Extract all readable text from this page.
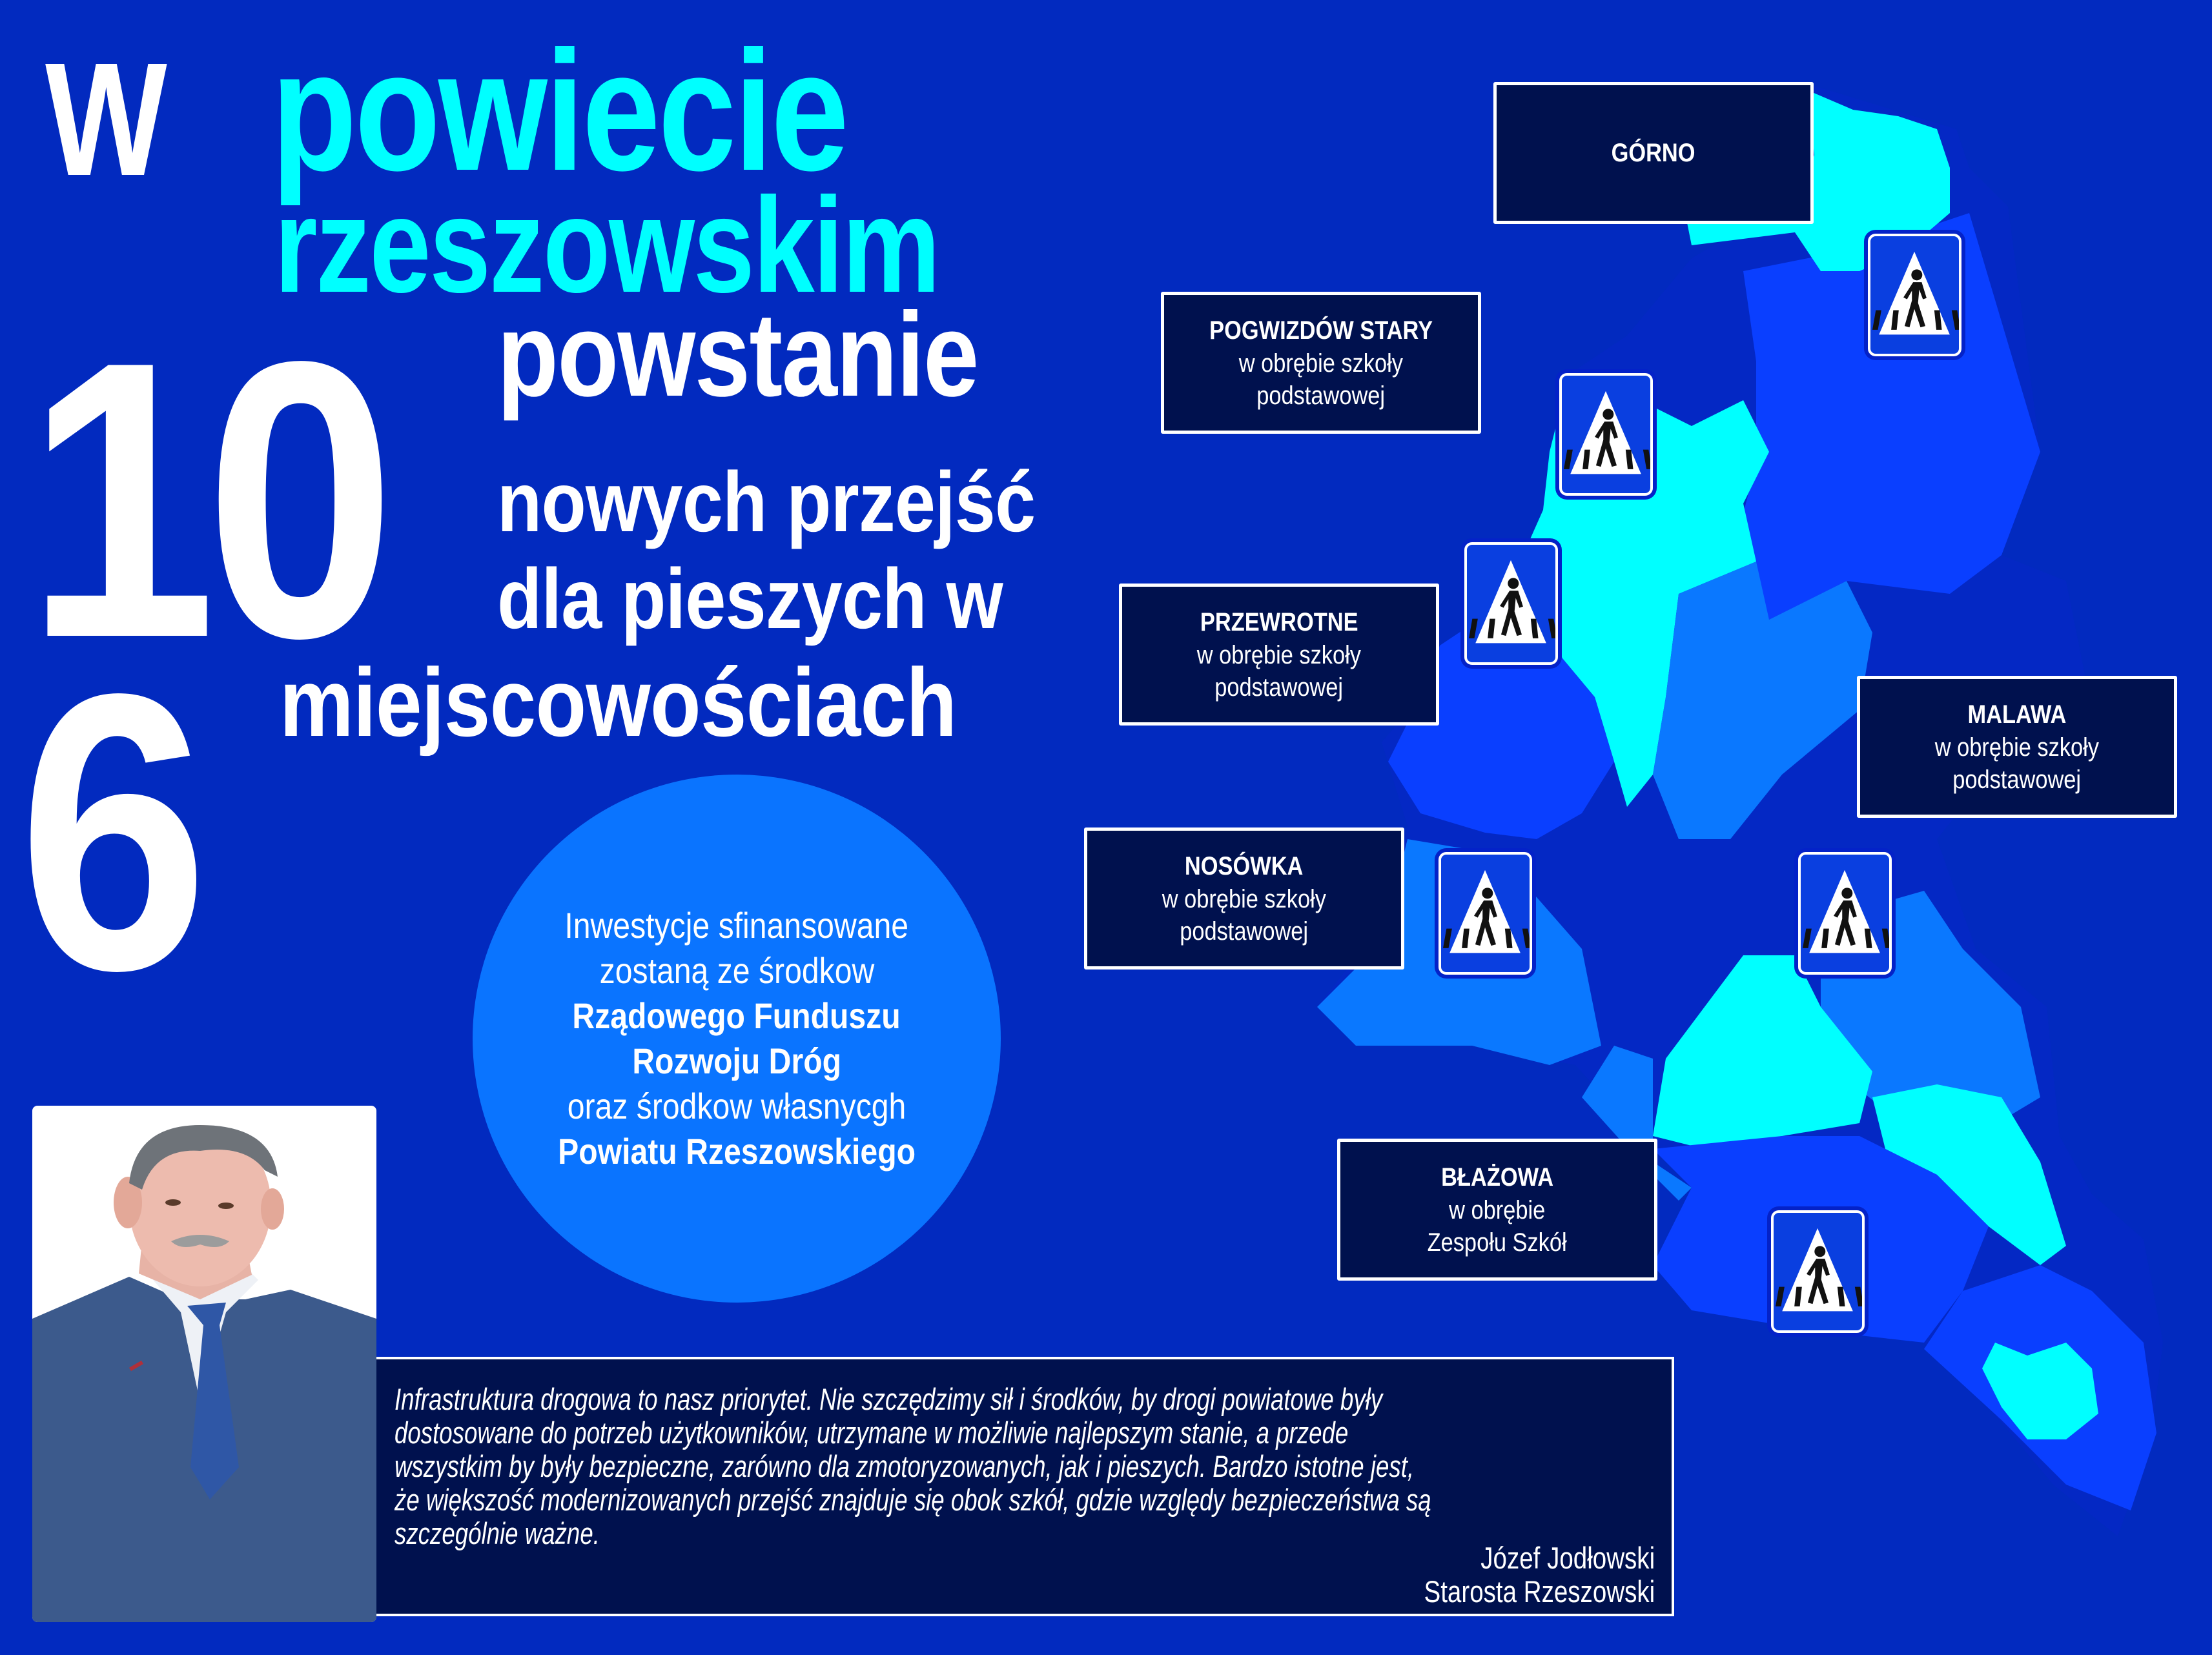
W powiecie
rzeszowskim
powstanie
10 nowych przejść
dla pieszych w
6 miejscowościach
GÓRNO
POGWIZDÓW STARY
w obrębie szkoły
podstawowej
PRZEWROTNE
w obrębie szkoły
podstawowej
MALAWA
w obrębie szkoły
podstawowej
NOSÓWKA
w obrębie szkoły
podstawowej
BŁAŻOWA
w obrębie
Zespołu Szkół
Inwestycje sfinansowane
zostaną ze środkow
Rządowego Funduszu
Rozwoju Dróg
oraz środkow własnycgh
Powiatu Rzeszowskiego
Infrastruktura drogowa to nasz priorytet. Nie szczędzimy sił i środków, by drogi powiatowe były
dostosowane do potrzeb użytkowników, utrzymane w możliwie najlepszym stanie, a przede
wszystkim by były bezpieczne, zarówno dla zmotoryzowanych, jak i pieszych. Bardzo istotne jest,
że większość modernizowanych przejść znajduje się obok szkół, gdzie względy bezpieczeństwa są
szczególnie ważne.
Józef Jodłowski
Starosta Rzeszowski
